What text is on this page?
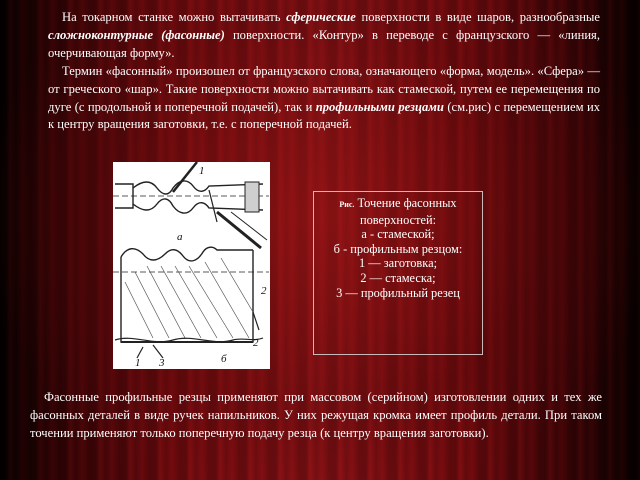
На токарном станке можно вытачивать сферические поверхности в виде шаров, разнообразные сложноконтурные (фасонные) поверхности. «Контур» в переводе с французского — «линия, очерчивающая форму».
Термин «фасонный» произошел от французского слова, означающего «форма, модель». «Сфера» — от греческого «шар». Такие поверхности можно вытачивать как стамеской, путем ее перемещения по дуге (с продольной и поперечной подачей), так и профильными резцами (см.рис) с перемещением их к центру вращения заготовки, т.е. с поперечной подачей.
1
а
2
1 3	б
2
Рис. Точение фасонных
поверхностей:
а - стамеской;
б - профильным резцом:
1 — заготовка;
2 — стамеска;
3 — профильный резец
Фасонные профильные резцы применяют при массовом (серийном) изготовлении одних и тех же фасонных деталей в виде ручек напильников. У них режущая кромка имеет профиль детали. При таком точении применяют только поперечную подачу резца (к центру вращения заготовки).
